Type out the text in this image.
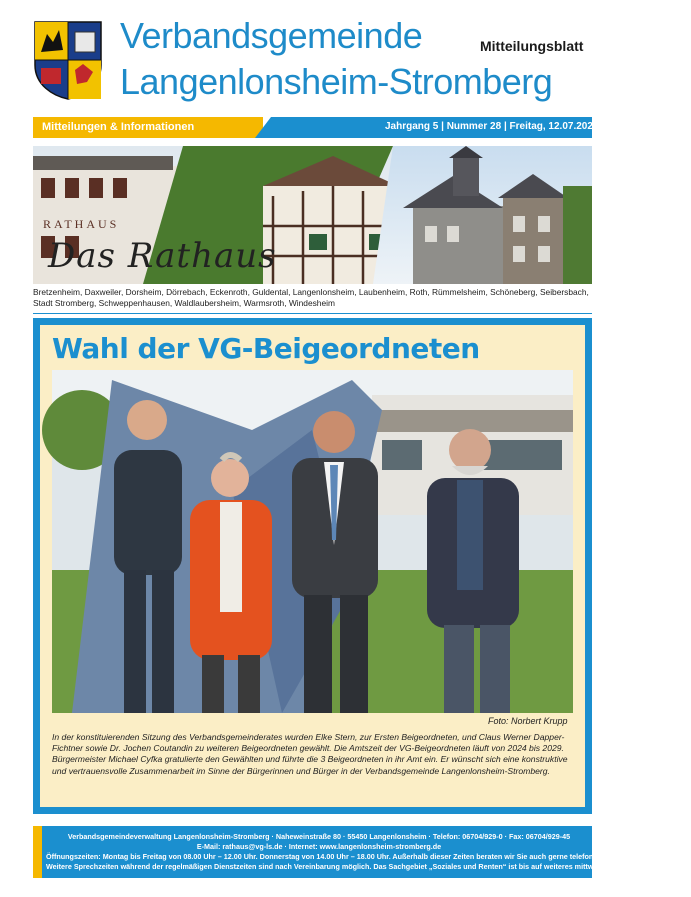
Verbandsgemeinde
Langenlonsheim-Stromberg
Mitteilungsblatt
Mitteilungen & Informationen	Jahrgang 5 | Nummer 28 | Freitag, 12.07.2024
RATHAUS
Das Rathaus
Bretzenheim, Daxweiler, Dorsheim, Dörrebach, Eckenroth, Guldental, Langenlonsheim, Laubenheim, Roth, Rümmelsheim, Schöneberg, Seibersbach, Stadt Stromberg, Schweppenhausen, Waldlaubersheim, Warmsroth, Windesheim
Wahl der VG-Beigeordneten
Foto: Norbert Krupp
In der konstituierenden Sitzung des Verbandsgemeinderates wurden Elke Stern, zur Ersten Beigeordneten, und Claus Werner Dapper-Fichtner sowie Dr. Jochen Coutandin zu weiteren Beigeordneten gewählt. Die Amtszeit der VG-Beigeordneten läuft von 2024 bis 2029. Bürgermeister Michael Cyfka gratulierte den Gewählten und führte die 3 Beigeordneten in ihr Amt ein. Er wünscht sich eine konstruktive und vertrauensvolle Zusammenarbeit im Sinne der Bürgerinnen und Bürger in der Verbandsgemeinde Langenlonsheim-Stromberg.
Verbandsgemeindeverwaltung Langenlonsheim-Stromberg · Naheweinstraße 80 · 55450 Langenlonsheim · Telefon: 06704/929-0 · Fax: 06704/929-45
E-Mail: rathaus@vg-ls.de · Internet: www.langenlonsheim-stromberg.de
Öffnungszeiten: Montag bis Freitag von 08.00 Uhr – 12.00 Uhr. Donnerstag von 14.00 Uhr – 18.00 Uhr. Außerhalb dieser Zeiten beraten wir Sie auch gerne telefonisch.
Weitere Sprechzeiten während der regelmäßigen Dienstzeiten sind nach Vereinbarung möglich. Das Sachgebiet „Soziales und Renten“ ist bis auf weiteres mittwochs ganztags geschlossen.
